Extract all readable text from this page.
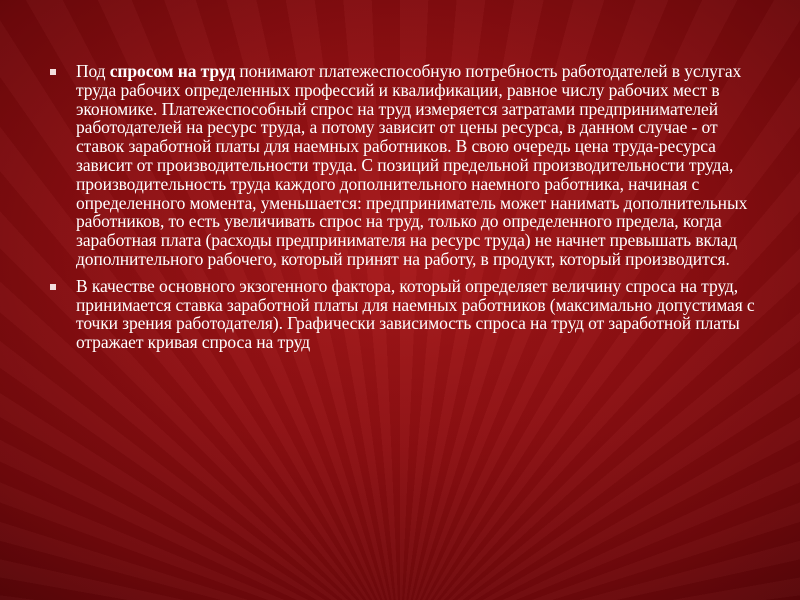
Под спросом на труд понимают платежеспособную потребность работодателей в услугах труда рабочих определенных профессий и квалификации, равное числу рабочих мест в экономике. Платежеспособный спрос на труд измеряется затратами предпринимателей работодателей на ресурс труда, а потому зависит от цены ресурса, в данном случае - от ставок заработной платы для наемных работников. В свою очередь цена труда-ресурса зависит от производительности труда. С позиций предельной производительности труда, производительность труда каждого дополнительного наемного работника, начиная с определенного момента, уменьшается: предприниматель может нанимать дополнительных работников, то есть увеличивать спрос на труд, только до определенного предела, когда заработная плата (расходы предпринимателя на ресурс труда) не начнет превышать вклад дополнительного рабочего, который принят на работу, в продукт, который производится.
В качестве основного экзогенного фактора, который определяет величину спроса на труд, принимается ставка заработной платы для наемных работников (максимально допустимая с точки зрения работодателя). Графически зависимость спроса на труд от заработной платы отражает кривая спроса на труд
